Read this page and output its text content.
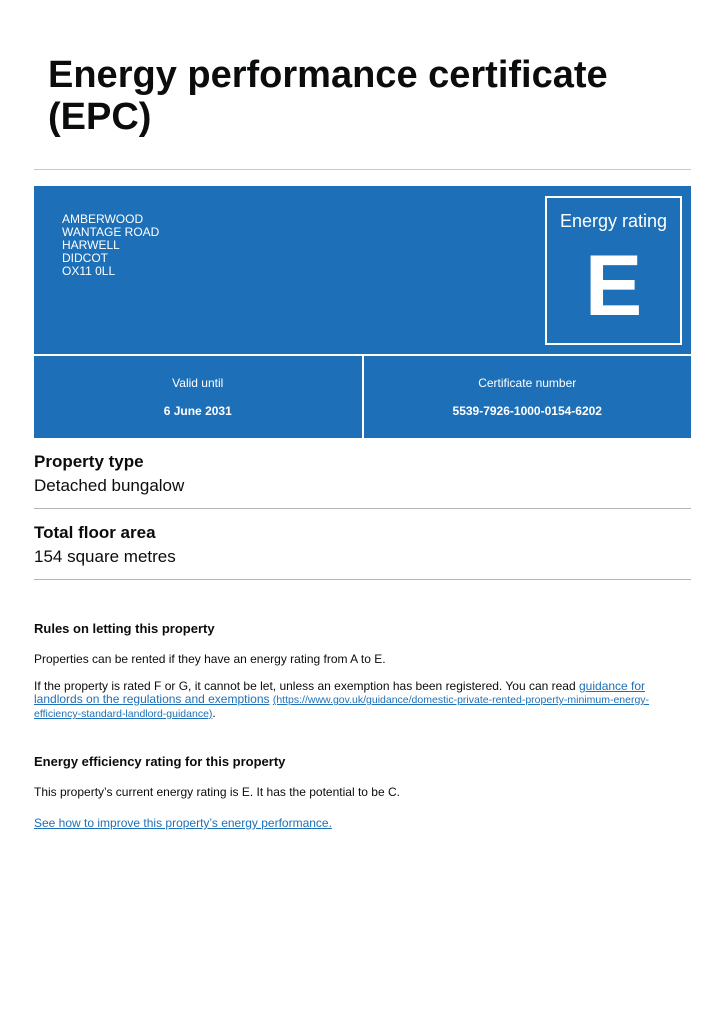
Energy performance certificate (EPC)
AMBERWOOD
WANTAGE ROAD
HARWELL
DIDCOT
OX11 0LL
Energy rating
E
Valid until
6 June 2031
Certificate number
5539-7926-1000-0154-6202
Property type
Detached bungalow
Total floor area
154 square metres
Rules on letting this property

Properties can be rented if they have an energy rating from A to E.

If the property is rated F or G, it cannot be let, unless an exemption has been registered. You can read guidance for landlords on the regulations and exemptions (https://www.gov.uk/guidance/domestic-private-rented-property-minimum-energy-efficiency-standard-landlord-guidance).

Energy efficiency rating for this property

This property’s current energy rating is E. It has the potential to be C.

See how to improve this property’s energy performance.
